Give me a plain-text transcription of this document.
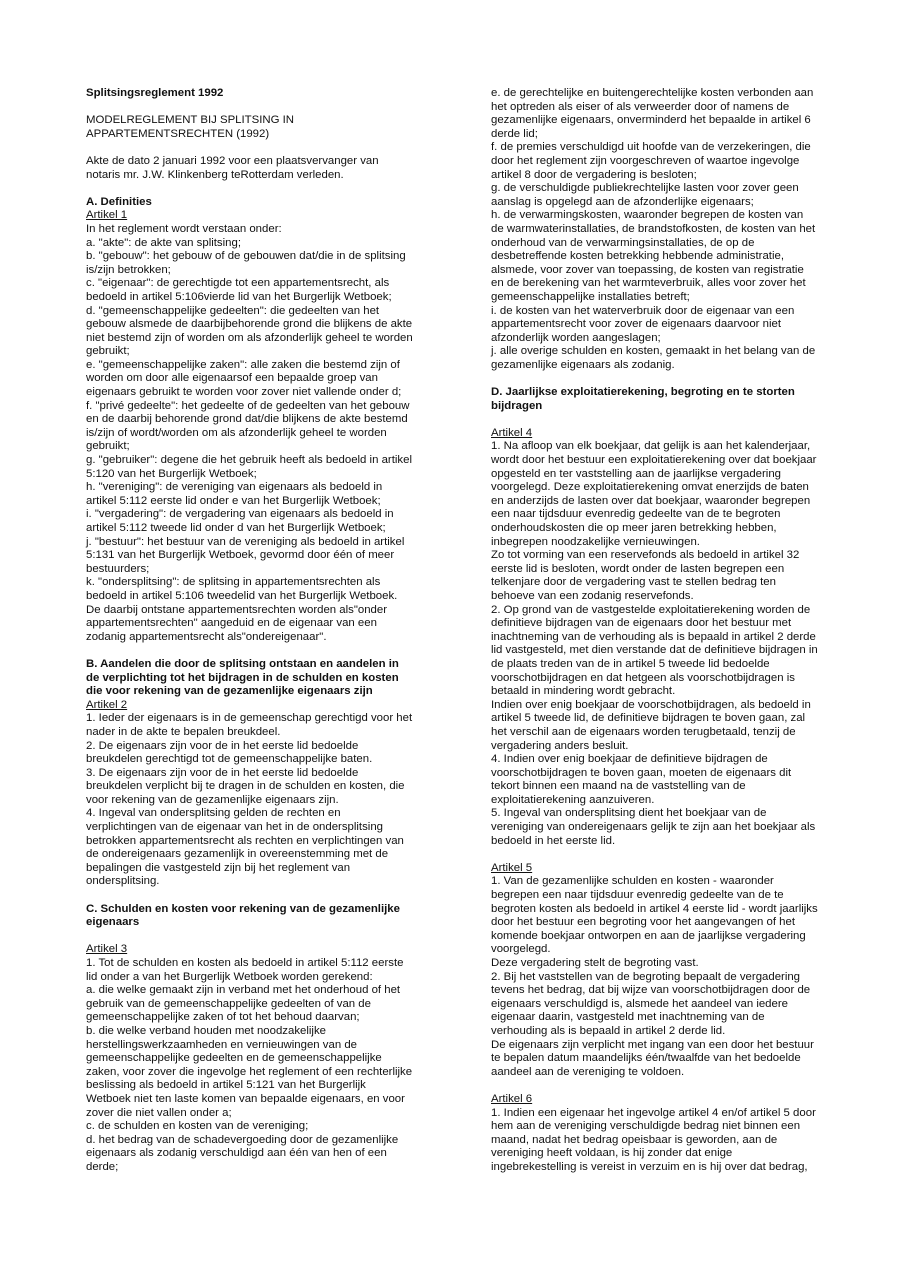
Splitsingsreglement 1992

MODELREGLEMENT BIJ SPLITSING IN
APPARTEMENTSRECHTEN (1992)

Akte de dato 2 januari 1992 voor een plaatsvervanger van
notaris mr. J.W. Klinkenberg teRotterdam verleden.

A. Definities

Artikel 1

In het reglement wordt verstaan onder:
a. "akte": de akte van splitsing;
b. "gebouw": het gebouw of de gebouwen dat/die in de splitsing
is/zijn betrokken;
c. "eigenaar": de gerechtigde tot een appartementsrecht, als
bedoeld in artikel 5:106vierde lid van het Burgerlijk Wetboek;
d. "gemeenschappelijke gedeelten": die gedeelten van het
gebouw alsmede de daarbijbehorende grond die blijkens de akte
niet bestemd zijn of worden om als afzonderlijk geheel te worden
gebruikt;
e. "gemeenschappelijke zaken": alle zaken die bestemd zijn of
worden om door alle eigenaarsof een bepaalde groep van
eigenaars gebruikt te worden voor zover niet vallende onder d;
f. "privé gedeelte": het gedeelte of de gedeelten van het gebouw
en de daarbij behorende grond dat/die blijkens de akte bestemd
is/zijn of wordt/worden om als afzonderlijk geheel te worden
gebruikt;
g. "gebruiker": degene die het gebruik heeft als bedoeld in artikel
5:120 van het Burgerlijk Wetboek;
h. "vereniging": de vereniging van eigenaars als bedoeld in
artikel 5:112 eerste lid onder e van het Burgerlijk Wetboek;
i. "vergadering": de vergadering van eigenaars als bedoeld in
artikel 5:112 tweede lid onder d van het Burgerlijk Wetboek;
j. "bestuur": het bestuur van de vereniging als bedoeld in artikel
5:131 van het Burgerlijk Wetboek, gevormd door één of meer
bestuurders;
k. "ondersplitsing": de splitsing in appartementsrechten als
bedoeld in artikel 5:106 tweedelid van het Burgerlijk Wetboek.
De daarbij ontstane appartementsrechten worden als"onder
appartementsrechten" aangeduid en de eigenaar van een
zodanig appartementsrecht als"ondereigenaar".
B. Aandelen die door de splitsing ontstaan en aandelen in
de verplichting tot het bijdragen in de schulden en kosten
die voor rekening van de gezamenlijke eigenaars zijn

Artikel 2

1. Ieder der eigenaars is in de gemeenschap gerechtigd voor het
nader in de akte te bepalen breukdeel.
2. De eigenaars zijn voor de in het eerste lid bedoelde
breukdelen gerechtigd tot de gemeenschappelijke baten.
3. De eigenaars zijn voor de in het eerste lid bedoelde
breukdelen verplicht bij te dragen in de schulden en kosten, die
voor rekening van de gezamenlijke eigenaars zijn.
4. Ingeval van ondersplitsing gelden de rechten en
verplichtingen van de eigenaar van het in de ondersplitsing
betrokken appartementsrecht als rechten en verplichtingen van
de ondereigenaars gezamenlijk in overeenstemming met de
bepalingen die vastgesteld zijn bij het reglement van
ondersplitsing.
C. Schulden en kosten voor rekening van de gezamenlijke
eigenaars

Artikel 3

1. Tot de schulden en kosten als bedoeld in artikel 5:112 eerste
lid onder a van het Burgerlijk Wetboek worden gerekend:
a. die welke gemaakt zijn in verband met het onderhoud of het
gebruik van de gemeenschappelijke gedeelten of van de
gemeenschappelijke zaken of tot het behoud daarvan;
b. die welke verband houden met noodzakelijke
herstellingswerkzaamheden en vernieuwingen van de
gemeenschappelijke gedeelten en de gemeenschappelijke
zaken, voor zover die ingevolge het reglement of een rechterlijke
beslissing als bedoeld in artikel 5:121 van het Burgerlijk
Wetboek niet ten laste komen van bepaalde eigenaars, en voor
zover die niet vallen onder a;
c. de schulden en kosten van de vereniging;
d. het bedrag van de schadevergoeding door de gezamenlijke
eigenaars als zodanig verschuldigd aan één van hen of een
derde;
e. de gerechtelijke en buitengerechtelijke kosten verbonden aan
het optreden als eiser of als verweerder door of namens de
gezamenlijke eigenaars, onverminderd het bepaalde in artikel 6
derde lid;
f. de premies verschuldigd uit hoofde van de verzekeringen, die
door het reglement zijn voorgeschreven of waartoe ingevolge
artikel 8 door de vergadering is besloten;
g. de verschuldigde publiekrechtelijke lasten voor zover geen
aanslag is opgelegd aan de afzonderlijke eigenaars;
h. de verwarmingskosten, waaronder begrepen de kosten van
de warmwaterinstallaties, de brandstofkosten, de kosten van het
onderhoud van de verwarmingsinstallaties, de op de
desbetreffende kosten betrekking hebbende administratie,
alsmede, voor zover van toepassing, de kosten van registratie
en de berekening van het warmteverbruik, alles voor zover het
gemeenschappelijke installaties betreft;
i. de kosten van het waterverbruik door de eigenaar van een
appartementsrecht voor zover de eigenaars daarvoor niet
afzonderlijk worden aangeslagen;
j. alle overige schulden en kosten, gemaakt in het belang van de
gezamenlijke eigenaars als zodanig.
D. Jaarlijkse exploitatierekening, begroting en te storten
bijdragen

Artikel 4

1. Na afloop van elk boekjaar, dat gelijk is aan het kalenderjaar,
wordt door het bestuur een exploitatierekening over dat boekjaar
opgesteld en ter vaststelling aan de jaarlijkse vergadering
voorgelegd. Deze exploitatierekening omvat enerzijds de baten
en anderzijds de lasten over dat boekjaar, waaronder begrepen
een naar tijdsduur evenredig gedeelte van de te begroten
onderhoudskosten die op meer jaren betrekking hebben,
inbegrepen noodzakelijke vernieuwingen.
Zo tot vorming van een reservefonds als bedoeld in artikel 32
eerste lid is besloten, wordt onder de lasten begrepen een
telkenjare door de vergadering vast te stellen bedrag ten
behoeve van een zodanig reservefonds.
2. Op grond van de vastgestelde exploitatierekening worden de
definitieve bijdragen van de eigenaars door het bestuur met
inachtneming van de verhouding als is bepaald in artikel 2 derde
lid vastgesteld, met dien verstande dat de definitieve bijdragen in
de plaats treden van de in artikel 5 tweede lid bedoelde
voorschotbijdragen en dat hetgeen als voorschotbijdragen is
betaald in mindering wordt gebracht.
Indien over enig boekjaar de voorschotbijdragen, als bedoeld in
artikel 5 tweede lid, de definitieve bijdragen te boven gaan, zal
het verschil aan de eigenaars worden terugbetaald, tenzij de
vergadering anders besluit.
4. Indien over enig boekjaar de definitieve bijdragen de
voorschotbijdragen te boven gaan, moeten de eigenaars dit
tekort binnen een maand na de vaststelling van de
exploitatierekening aanzuiveren.
5. Ingeval van ondersplitsing dient het boekjaar van de
vereniging van ondereigenaars gelijk te zijn aan het boekjaar als
bedoeld in het eerste lid.

Artikel 5

1. Van de gezamenlijke schulden en kosten - waaronder
begrepen een naar tijdsduur evenredig gedeelte van de te
begroten kosten als bedoeld in artikel 4 eerste lid - wordt jaarlijks
door het bestuur een begroting voor het aangevangen of het
komende boekjaar ontworpen en aan de jaarlijkse vergadering
voorgelegd.
Deze vergadering stelt de begroting vast.
2. Bij het vaststellen van de begroting bepaalt de vergadering
tevens het bedrag, dat bij wijze van voorschotbijdragen door de
eigenaars verschuldigd is, alsmede het aandeel van iedere
eigenaar daarin, vastgesteld met inachtneming van de
verhouding als is bepaald in artikel 2 derde lid.
De eigenaars zijn verplicht met ingang van een door het bestuur
te bepalen datum maandelijks één/twaalfde van het bedoelde
aandeel aan de vereniging te voldoen.

Artikel 6

1. Indien een eigenaar het ingevolge artikel 4 en/of artikel 5 door
hem aan de vereniging verschuldigde bedrag niet binnen een
maand, nadat het bedrag opeisbaar is geworden, aan de
vereniging heeft voldaan, is hij zonder dat enige
ingebrekestelling is vereist in verzuim en is hij over dat bedrag,
